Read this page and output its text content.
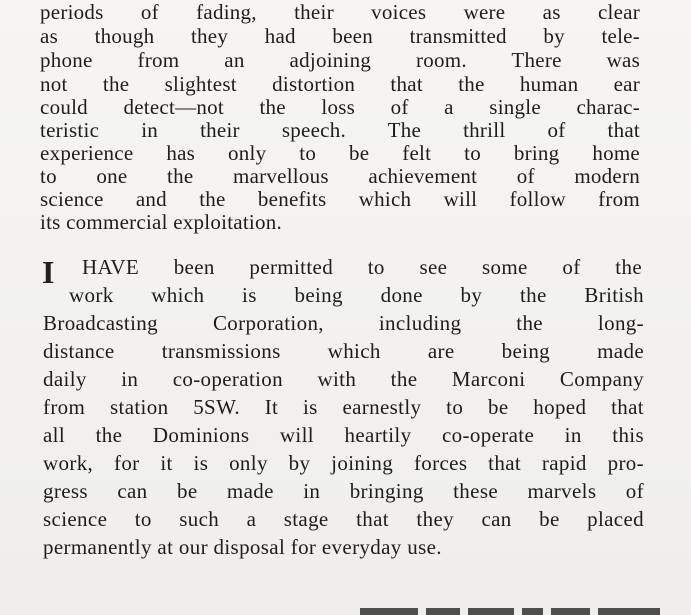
periods of fading, their voices were as clear
as though they had been transmitted by tele-
phone from an adjoining room. There was
not the slightest distortion that the human ear
could detect—not the loss of a single charac-
teristic in their speech. The thrill of that
experience has only to be felt to bring home
to one the marvellous achievement of modern
science and the benefits which will follow from
its commercial exploitation.
I HAVE been permitted to see some of the
work which is being done by the British
Broadcasting Corporation, including the long-
distance transmissions which are being made
daily in co-operation with the Marconi Company
from station 5SW. It is earnestly to be hoped that
all the Dominions will heartily co-operate in this
work, for it is only by joining forces that rapid pro-
gress can be made in bringing these marvels of
science to such a stage that they can be placed
permanently at our disposal for everyday use.
